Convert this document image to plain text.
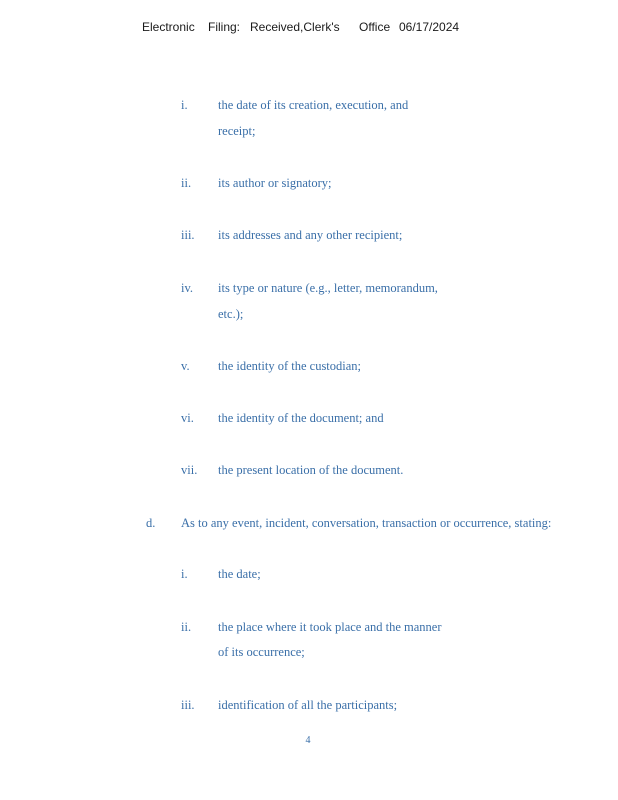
Electronic Filing: Received,Clerk's Office 06/17/2024
i. the date of its creation, execution, and
receipt;
ii. its author or signatory;
iii. its addresses and any other recipient;
iv. its type or nature (e.g., letter, memorandum,
etc.);
v. the identity of the custodian;
vi. the identity of the document; and
vii. the present location of the document.
d. As to any event, incident, conversation, transaction or occurrence, stating:
i. the date;
ii. the place where it took place and the manner
of its occurrence;
iii. identification of all the participants;
4
